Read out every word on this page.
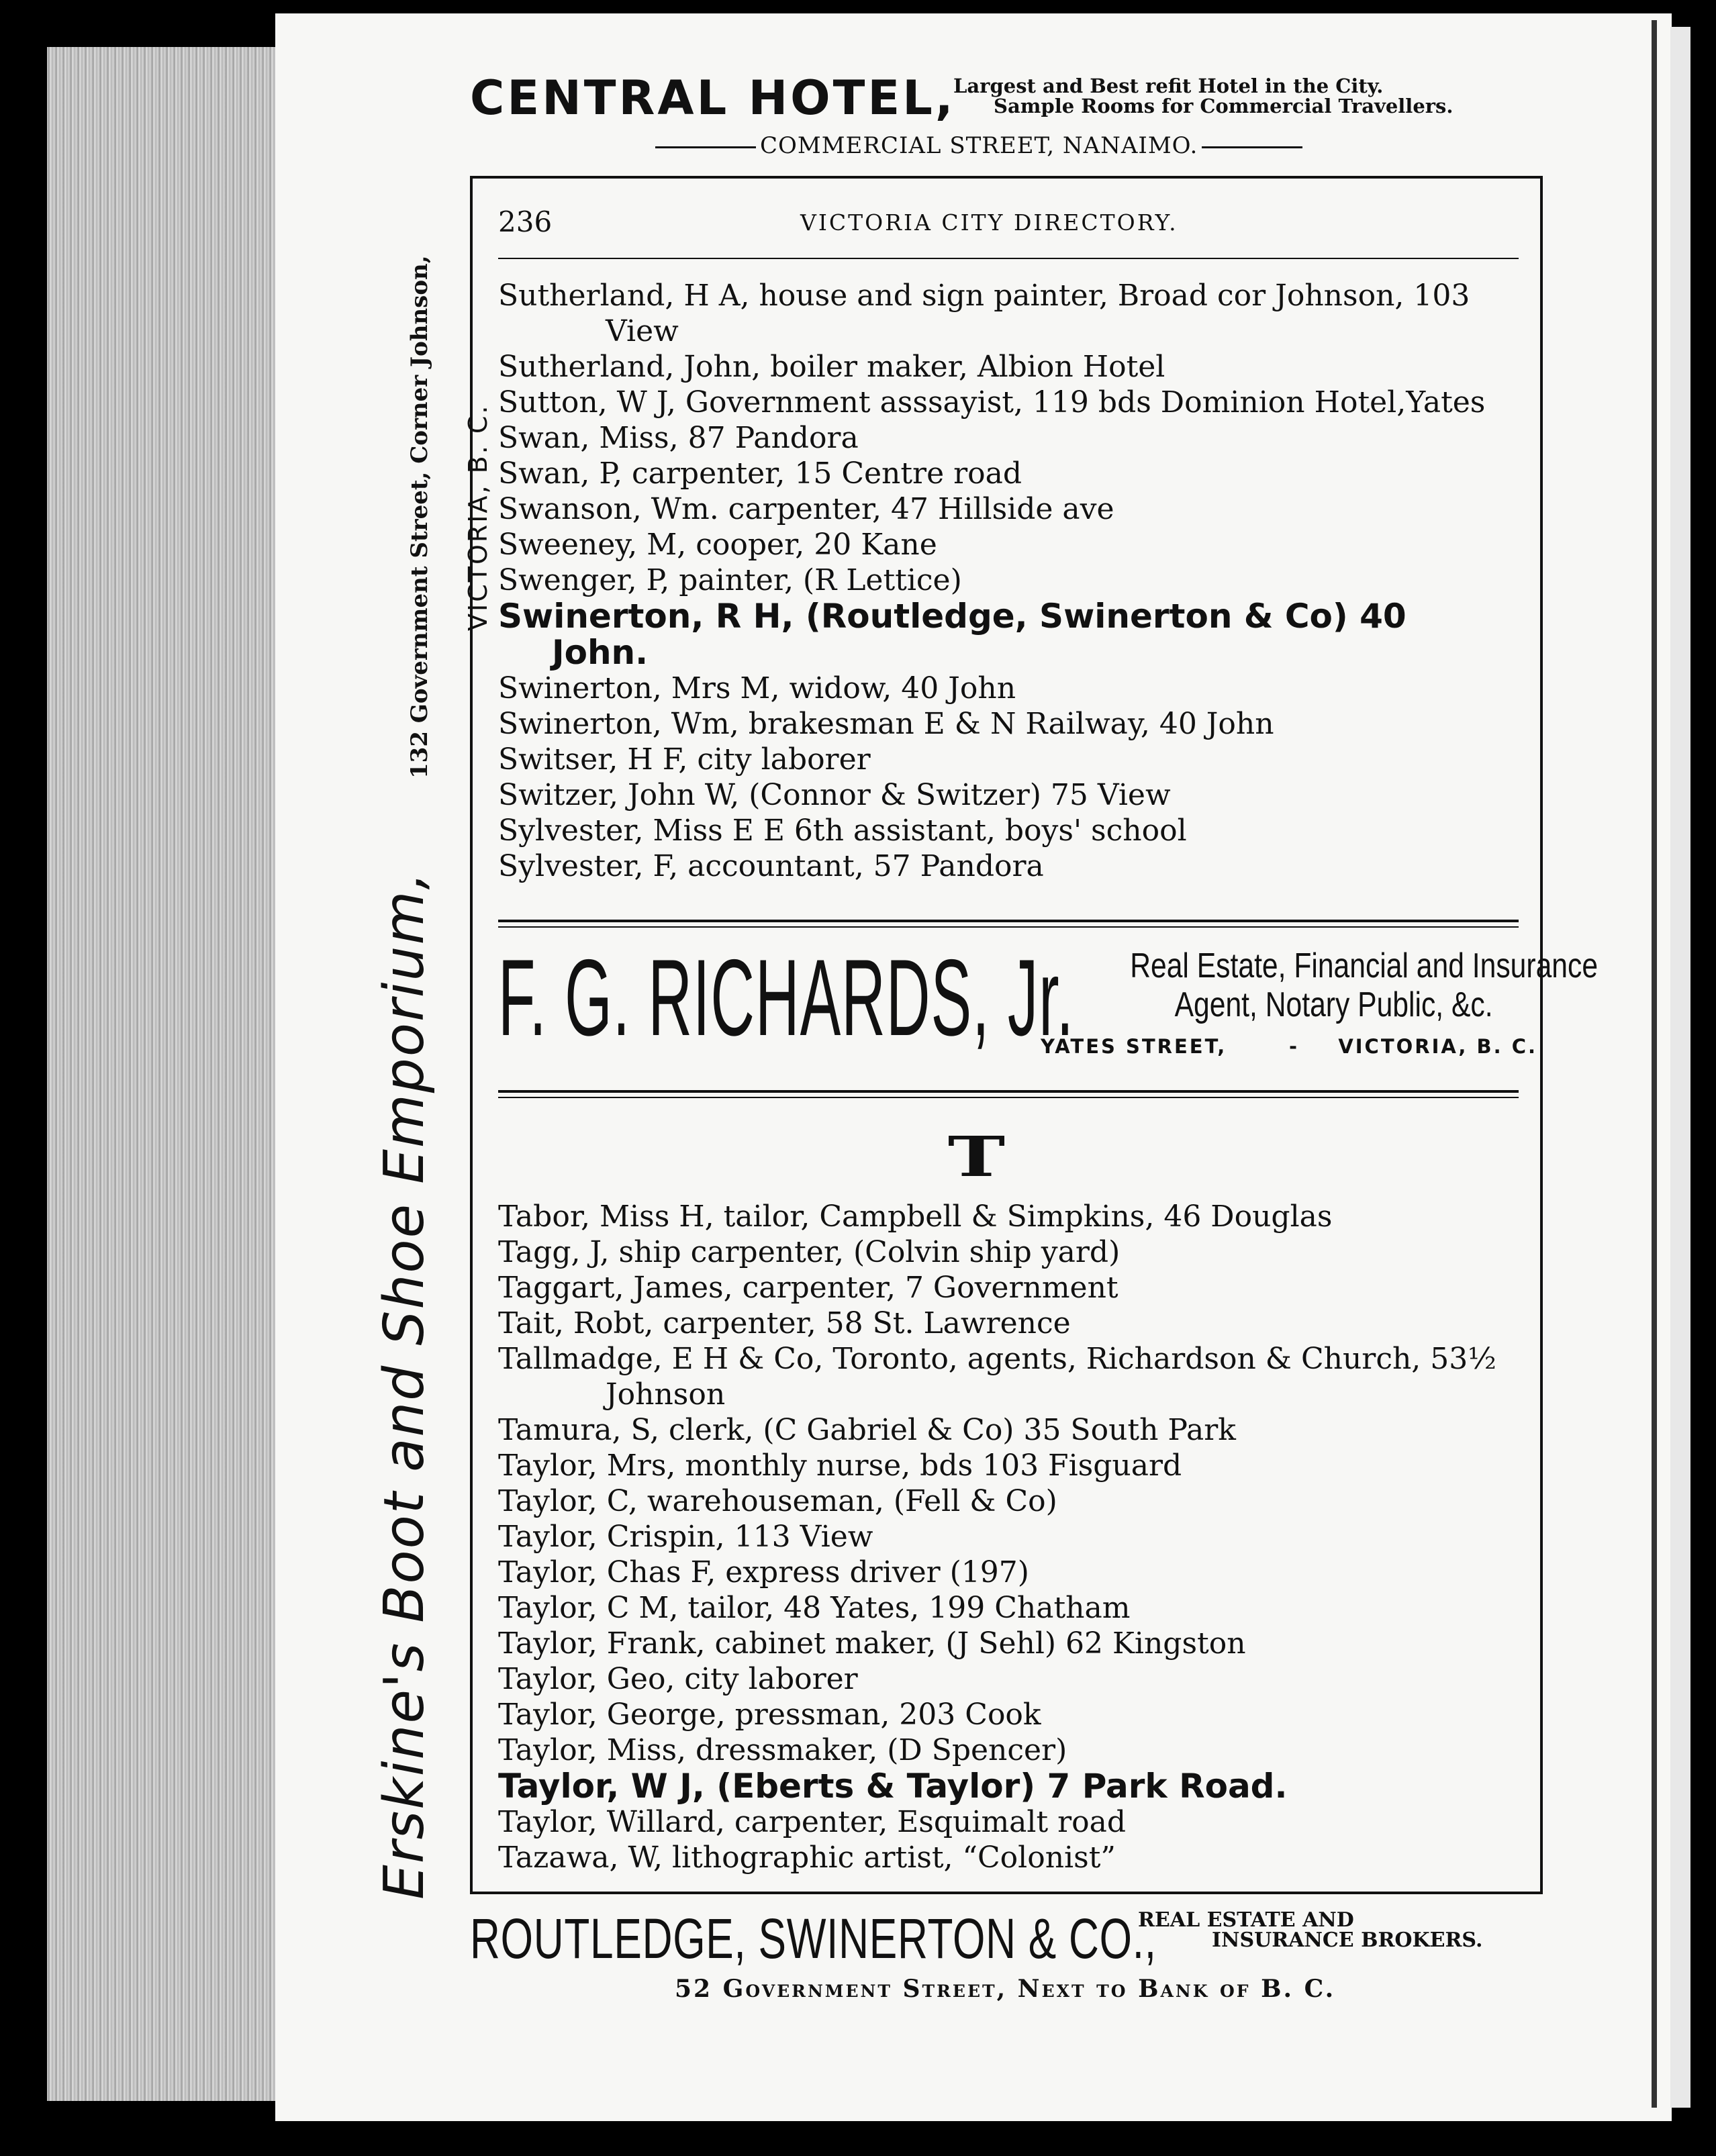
CENTRAL HOTEL,
Largest and Best refit Hotel in the City.
Sample Rooms for Commercial Travellers.
COMMERCIAL STREET, NANAIMO.
Erskine's Boot and Shoe Emporium,
132 Government Street, Corner Johnson, VICTORIA, B. C.
236	VICTORIA CITY DIRECTORY.
Sutherland, H A, house and sign painter, Broad cor Johnson, 103
View
Sutherland, John, boiler maker, Albion Hotel
Sutton, W J, Government asssayist, 119 bds Dominion Hotel,Yates
Swan, Miss, 87 Pandora
Swan, P, carpenter, 15 Centre road
Swanson, Wm. carpenter, 47 Hillside ave
Sweeney, M, cooper, 20 Kane
Swenger, P, painter, (R Lettice)
Swinerton, R H, (Routledge, Swinerton & Co) 40
John.
Swinerton, Mrs M, widow, 40 John
Swinerton, Wm, brakesman E & N Railway, 40 John
Switser, H F, city laborer
Switzer, John W, (Connor & Switzer) 75 View
Sylvester, Miss E E 6th assistant, boys' school
Sylvester, F, accountant, 57 Pandora
F. G. RICHARDS, Jr. Real Estate, Financial and Insurance
Agent, Notary Public, &c.
YATES STREET,	- VICTORIA, B. C.
T
Tabor, Miss H, tailor, Campbell & Simpkins, 46 Douglas
Tagg, J, ship carpenter, (Colvin ship yard)
Taggart, James, carpenter, 7 Government
Tait, Robt, carpenter, 58 St. Lawrence
Tallmadge, E H & Co, Toronto, agents, Richardson & Church, 53½
Johnson
Tamura, S, clerk, (C Gabriel & Co) 35 South Park
Taylor, Mrs, monthly nurse, bds 103 Fisguard
Taylor, C, warehouseman, (Fell & Co)
Taylor, Crispin, 113 View
Taylor, Chas F, express driver (197)
Taylor, C M, tailor, 48 Yates, 199 Chatham
Taylor, Frank, cabinet maker, (J Sehl) 62 Kingston
Taylor, Geo, city laborer
Taylor, George, pressman, 203 Cook
Taylor, Miss, dressmaker, (D Spencer)
Taylor, W J, (Eberts & Taylor) 7 Park Road.
Taylor, Willard, carpenter, Esquimalt road
Tazawa, W, lithographic artist, “Colonist”
ROUTLEDGE, SWINERTON & CO.,
REAL ESTATE AND
INSURANCE BROKERS.
52 Government Street, Next to Bank of B. C.
